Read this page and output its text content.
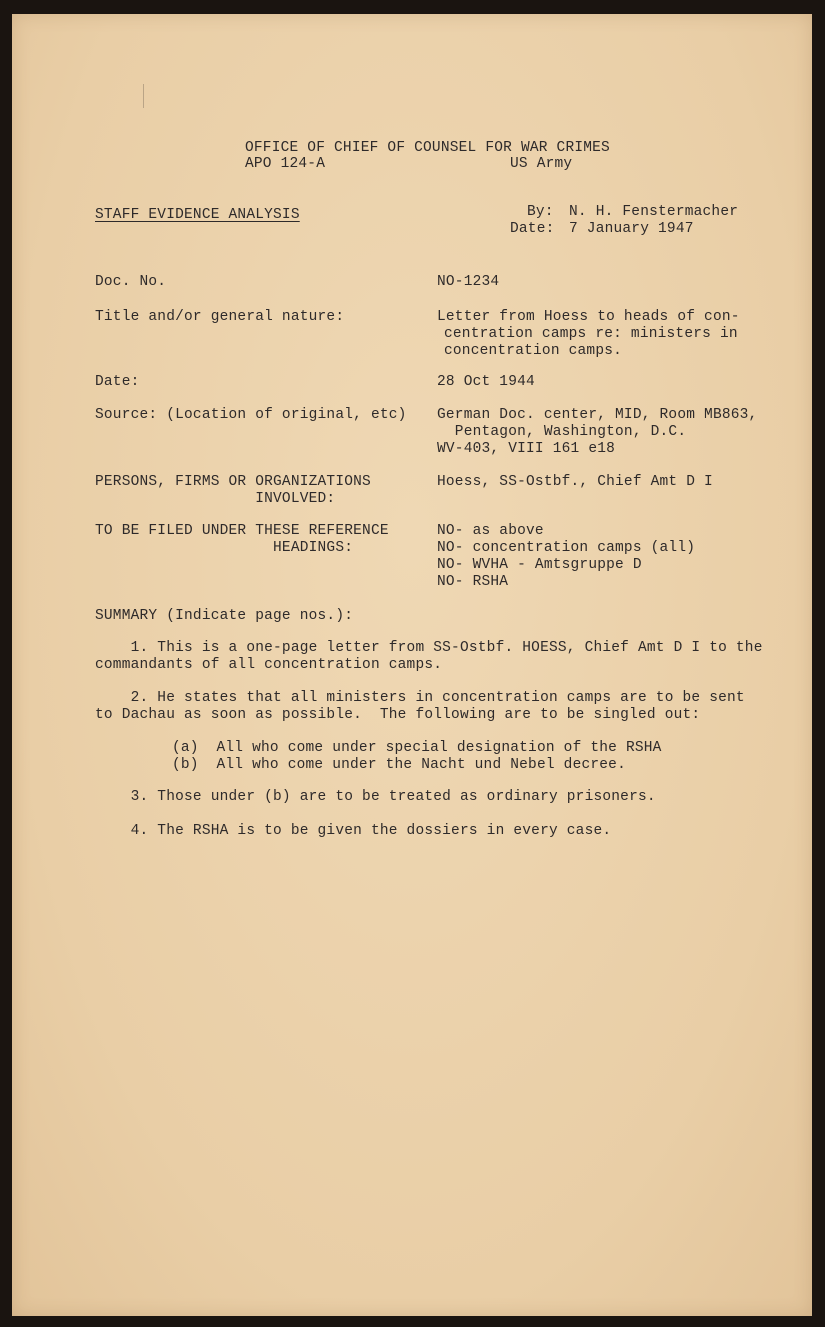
OFFICE OF CHIEF OF COUNSEL FOR WAR CRIMES
APO 124-A	US Army
STAFF EVIDENCE ANALYSIS	By: N. H. Fenstermacher
Date: 7 January 1947
Doc. No.	NO-1234
Title and/or general nature:	Letter from Hoess to heads of con-
centration camps re: ministers in
concentration camps.
Date:	28 Oct 1944
Source: (Location of original, etc) German Doc. center, MID, Room MB863,
Pentagon, Washington, D.C.
WV-403, VIII 161 e18
PERSONS, FIRMS OR ORGANIZATIONS
INVOLVED:
Hoess, SS-Ostbf., Chief Amt D I
TO BE FILED UNDER THESE REFERENCE
HEADINGS:
NO- as above
NO- concentration camps (all)
NO- WVHA - Amtsgruppe D
NO- RSHA
SUMMARY (Indicate page nos.):
1. This is a one-page letter from SS-Ostbf. HOESS, Chief Amt D I to the
commandants of all concentration camps.
2. He states that all ministers in concentration camps are to be sent
to Dachau as soon as possible.  The following are to be singled out:
(a)  All who come under special designation of the RSHA
(b)  All who come under the Nacht und Nebel decree.
3. Those under (b) are to be treated as ordinary prisoners.
4. The RSHA is to be given the dossiers in every case.
